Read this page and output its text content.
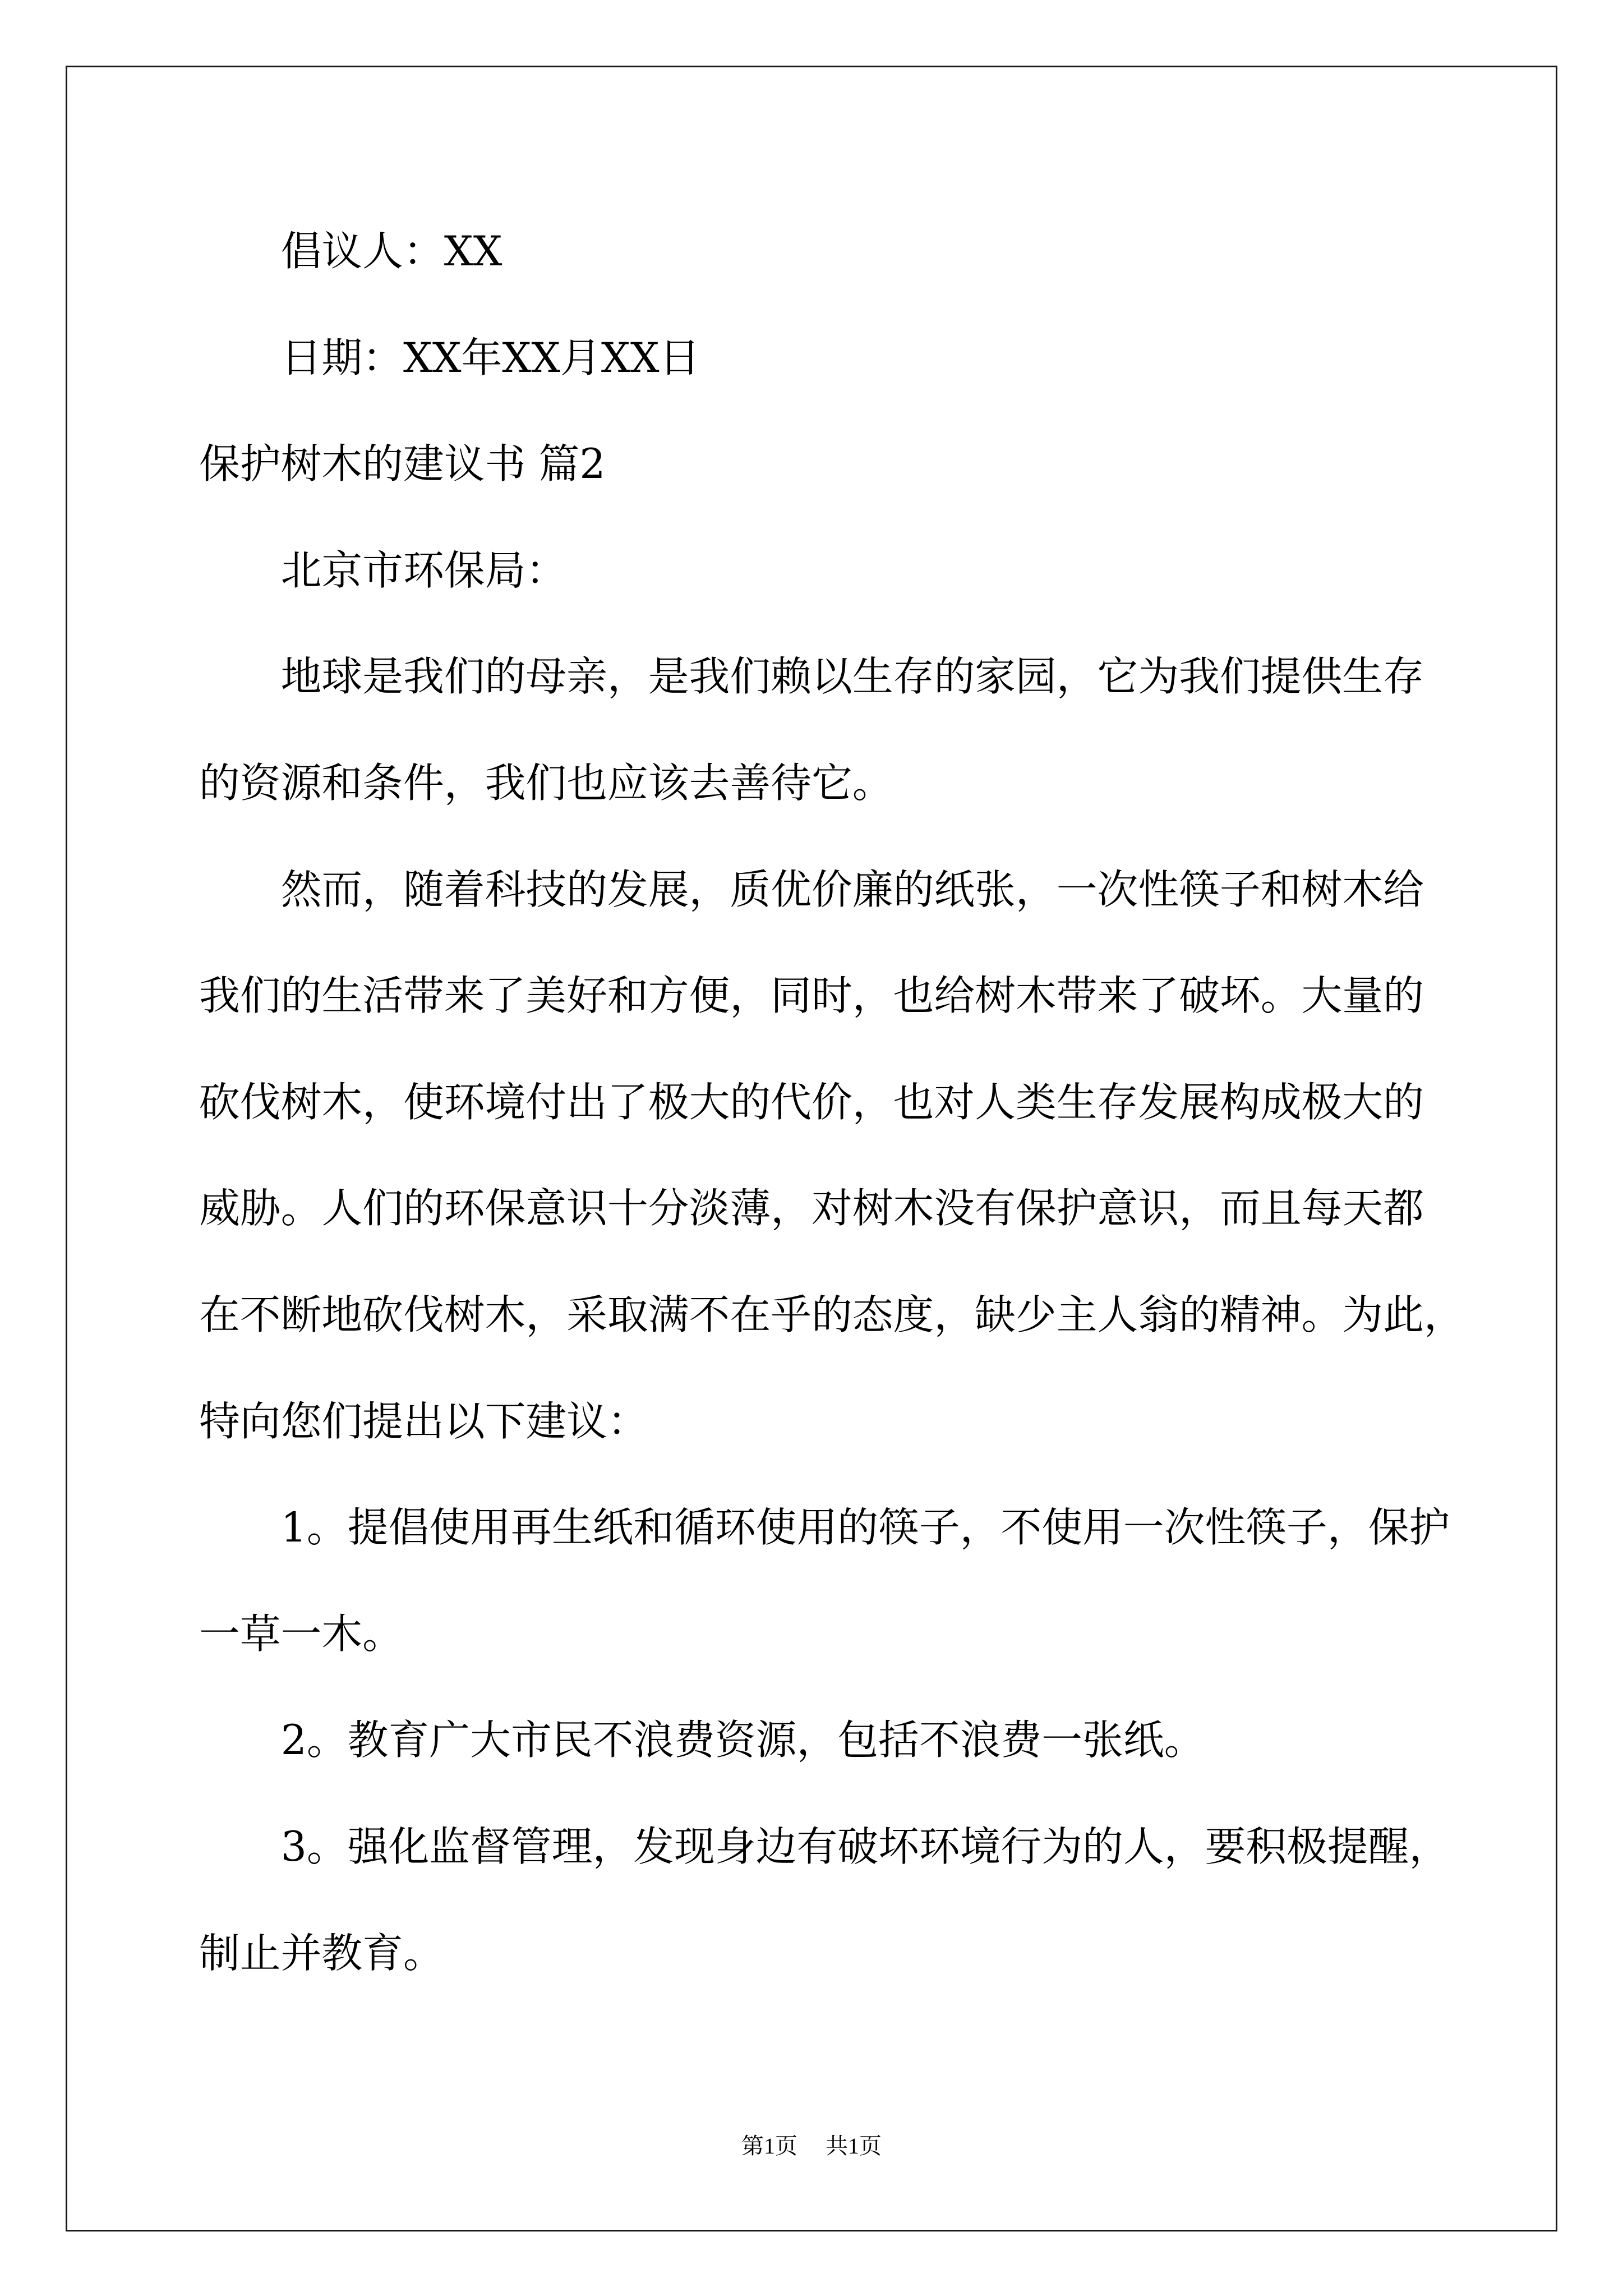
倡议人：XX
日期：XX年XX月XX日
保护树木的建议书 篇2
北京市环保局：
地球是我们的母亲，是我们赖以生存的家园，它为我们提供生存
的资源和条件，我们也应该去善待它。
然而，随着科技的发展，质优价廉的纸张，一次性筷子和树木给
我们的生活带来了美好和方便，同时，也给树木带来了破坏。大量的
砍伐树木，使环境付出了极大的代价，也对人类生存发展构成极大的
威胁。人们的环保意识十分淡薄，对树木没有保护意识，而且每天都
在不断地砍伐树木，采取满不在乎的态度，缺少主人翁的精神。为此，
特向您们提出以下建议：
1。提倡使用再生纸和循环使用的筷子，不使用一次性筷子，保护
一草一木。
2。教育广大市民不浪费资源，包括不浪费一张纸。
3。强化监督管理，发现身边有破坏环境行为的人，要积极提醒，
制止并教育。
第1页 共1页
